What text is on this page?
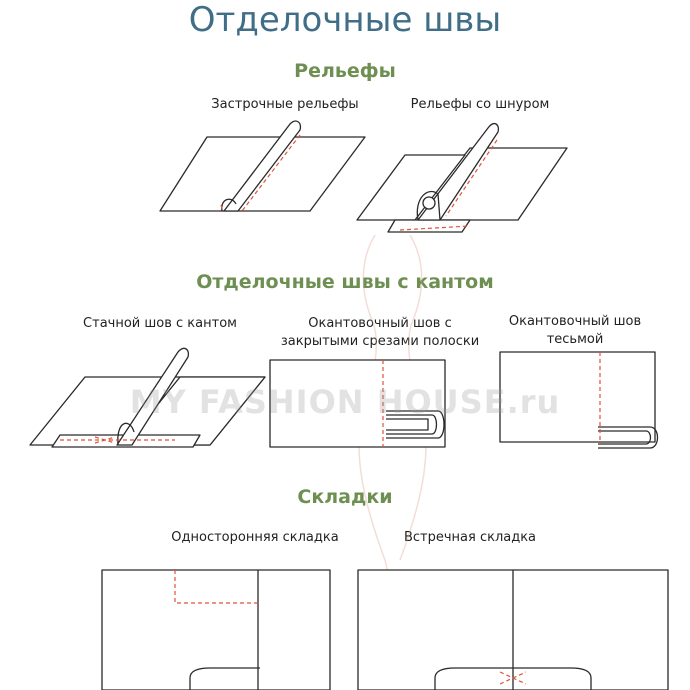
Отделочные швы
Рельефы
Застрочные рельефы	Рельефы со шнуром
Отделочные швы с кантом
Стачной шов с кантом	Окантовочный шов с
закрытыми срезами полоски
Окантовочный шов
тесьмой
Складки
Односторонняя складка	Встречная складка
MY FASHION HOUSE.ru
